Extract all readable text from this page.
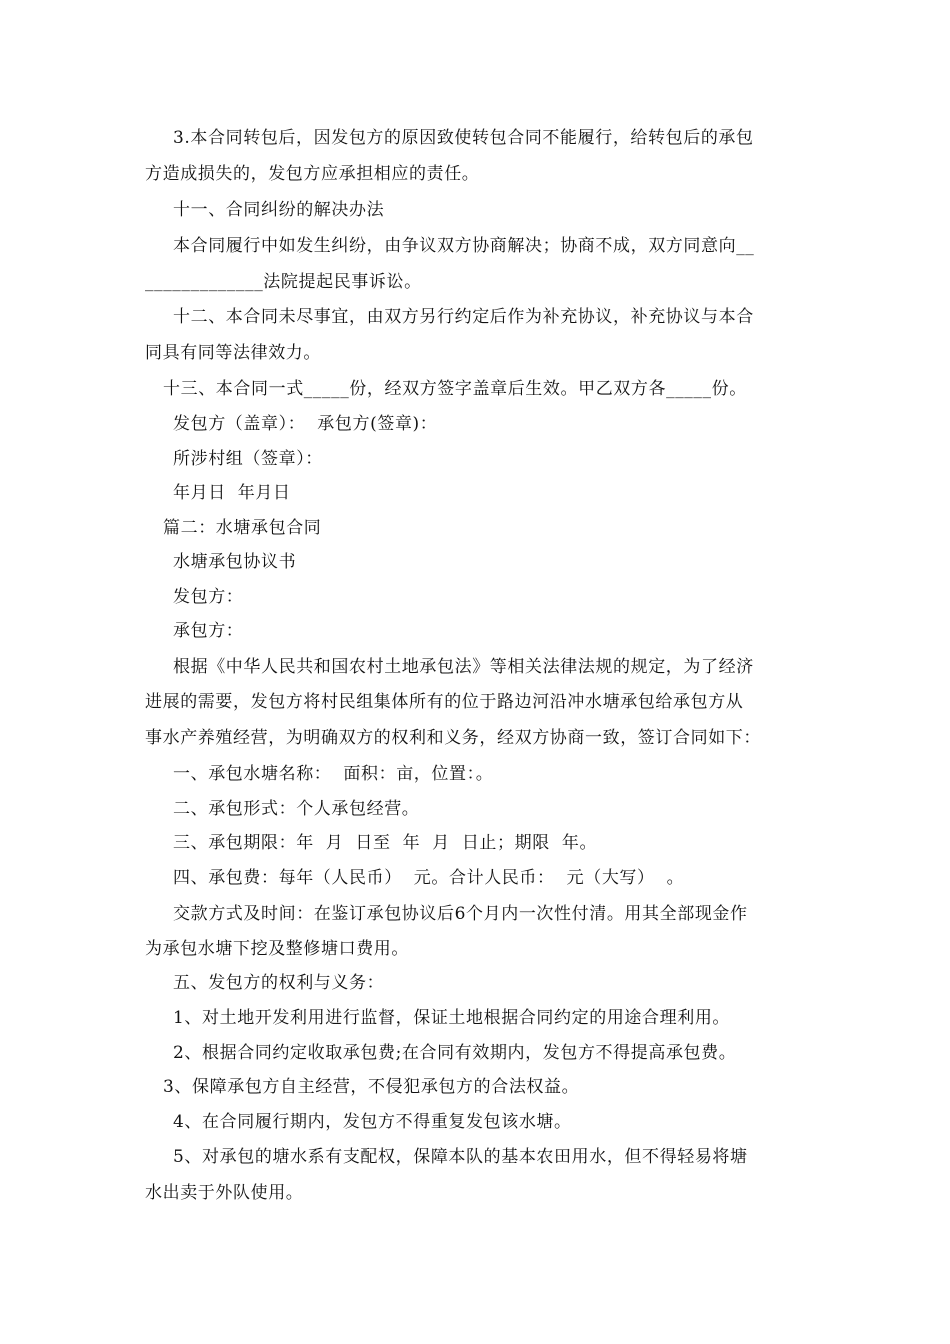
3.本合同转包后，因发包方的原因致使转包合同不能履行，给转包后的承包
方造成损失的，发包方应承担相应的责任。
十一、合同纠纷的解决办法
本合同履行中如发生纠纷，由争议双方协商解决；协商不成，双方同意向__
_____________法院提起民事诉讼。
十二、本合同未尽事宜，由双方另行约定后作为补充协议，补充协议与本合
同具有同等法律效力。
十三、本合同一式_____份，经双方签字盖章后生效。甲乙双方各_____份。
发包方（盖章）：  承包方(签章)：
所涉村组（签章）：
年月日  年月日
篇二：水塘承包合同
水塘承包协议书
发包方：
承包方：
根据《中华人民共和国农村土地承包法》等相关法律法规的规定，为了经济
进展的需要，发包方将村民组集体所有的位于路边河沿冲水塘承包给承包方从
事水产养殖经营，为明确双方的权利和义务，经双方协商一致，签订合同如下：
一、承包水塘名称：  面积：亩，位置：。
二、承包形式：个人承包经营。
三、承包期限：年  月  日至  年  月  日止；期限  年。
四、承包费：每年（人民币）  元。合计人民币：  元（大写）  。
交款方式及时间：在鉴订承包协议后6个月内一次性付清。用其全部现金作
为承包水塘下挖及整修塘口费用。
五、发包方的权利与义务：
1、对土地开发利用进行监督，保证土地根据合同约定的用途合理利用。
2、根据合同约定收取承包费;在合同有效期内，发包方不得提高承包费。
3、保障承包方自主经营，不侵犯承包方的合法权益。
4、在合同履行期内，发包方不得重复发包该水塘。
5、对承包的塘水系有支配权，保障本队的基本农田用水，但不得轻易将塘
水出卖于外队使用。
